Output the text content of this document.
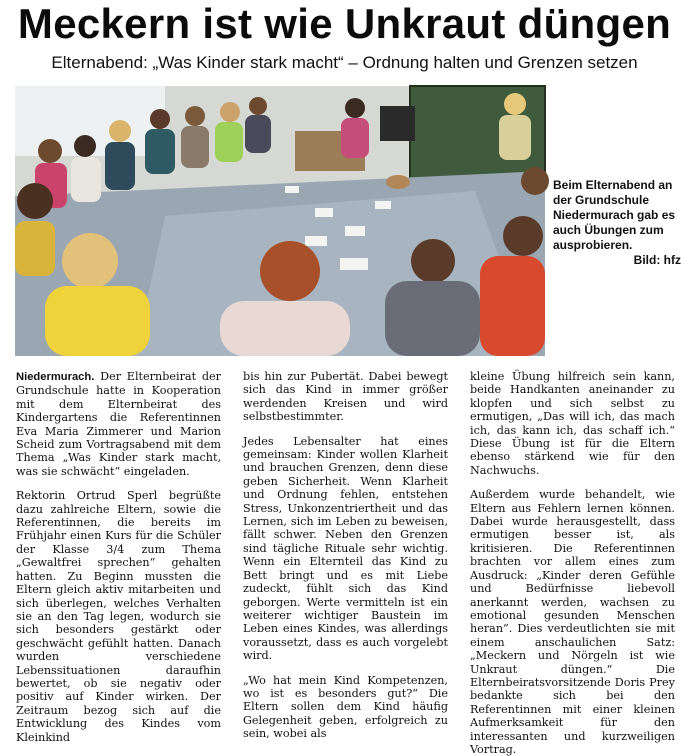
Meckern ist wie Unkraut düngen
Elternabend: „Was Kinder stark macht“ – Ordnung halten und Grenzen setzen
Beim Elternabend an der Grundschule Niedermurach gab es auch Übungen zum ausprobieren.
Bild: hfz

Niedermurach. Der Elternbeirat der Grundschule hatte in Kooperation mit dem Elternbeirat des Kindergartens die Referentinnen Eva Maria Zimmerer und Marion Scheid zum Vortragsabend mit dem Thema „Was Kinder stark macht, was sie schwächt“ eingeladen.

Rektorin Ortrud Sperl begrüßte dazu zahlreiche Eltern, sowie die Referentinnen, die bereits im Frühjahr einen Kurs für die Schüler der Klasse 3/4 zum Thema „Gewaltfrei sprechen“ gehalten hatten. Zu Beginn mussten die Eltern gleich aktiv mitarbeiten und sich überlegen, welches Verhalten sie an den Tag legen, wodurch sie sich besonders gestärkt oder geschwächt gefühlt hatten. Danach wurden verschiedene Lebenssituationen daraufhin bewertet, ob sie negativ oder positiv auf Kinder wirken. Der Zeitraum bezog sich auf die Entwicklung des Kindes vom Kleinkind

bis hin zur Pubertät. Dabei bewegt sich das Kind in immer größer werdenden Kreisen und wird selbstbestimmter.

Jedes Lebensalter hat eines gemeinsam: Kinder wollen Klarheit und brauchen Grenzen, denn diese geben Sicherheit. Wenn Klarheit und Ordnung fehlen, entstehen Stress, Unkonzentriertheit und das Lernen, sich im Leben zu beweisen, fällt schwer. Neben den Grenzen sind tägliche Rituale sehr wichtig. Wenn ein Elternteil das Kind zu Bett bringt und es mit Liebe zudeckt, fühlt sich das Kind geborgen. Werte vermitteln ist ein weiterer wichtiger Baustein im Leben eines Kindes, was allerdings voraussetzt, dass es auch vorgelebt wird.

„Wo hat mein Kind Kompetenzen, wo ist es besonders gut?“ Die Eltern sollen dem Kind häufig Gelegenheit geben, erfolgreich zu sein, wobei als

kleine Übung hilfreich sein kann, beide Handkanten aneinander zu klopfen und sich selbst zu ermutigen, „Das will ich, das mach ich, das kann ich, das schaff ich.“ Diese Übung ist für die Eltern ebenso stärkend wie für den Nachwuchs.

Außerdem wurde behandelt, wie Eltern aus Fehlern lernen können. Dabei wurde herausgestellt, dass ermutigen besser ist, als kritisieren. Die Referentinnen brachten vor allem eines zum Ausdruck: „Kinder deren Gefühle und Bedürfnisse liebevoll anerkannt werden, wachsen zu emotional gesunden Menschen heran“. Dies verdeutlichten sie mit einem anschaulichen Satz: „Meckern und Nörgeln ist wie Unkraut düngen.“ Die Elternbeiratsvorsitzende Doris Prey bedankte sich bei den Referentinnen mit einer kleinen Aufmerksamkeit für den interessanten und kurzweiligen Vortrag.
